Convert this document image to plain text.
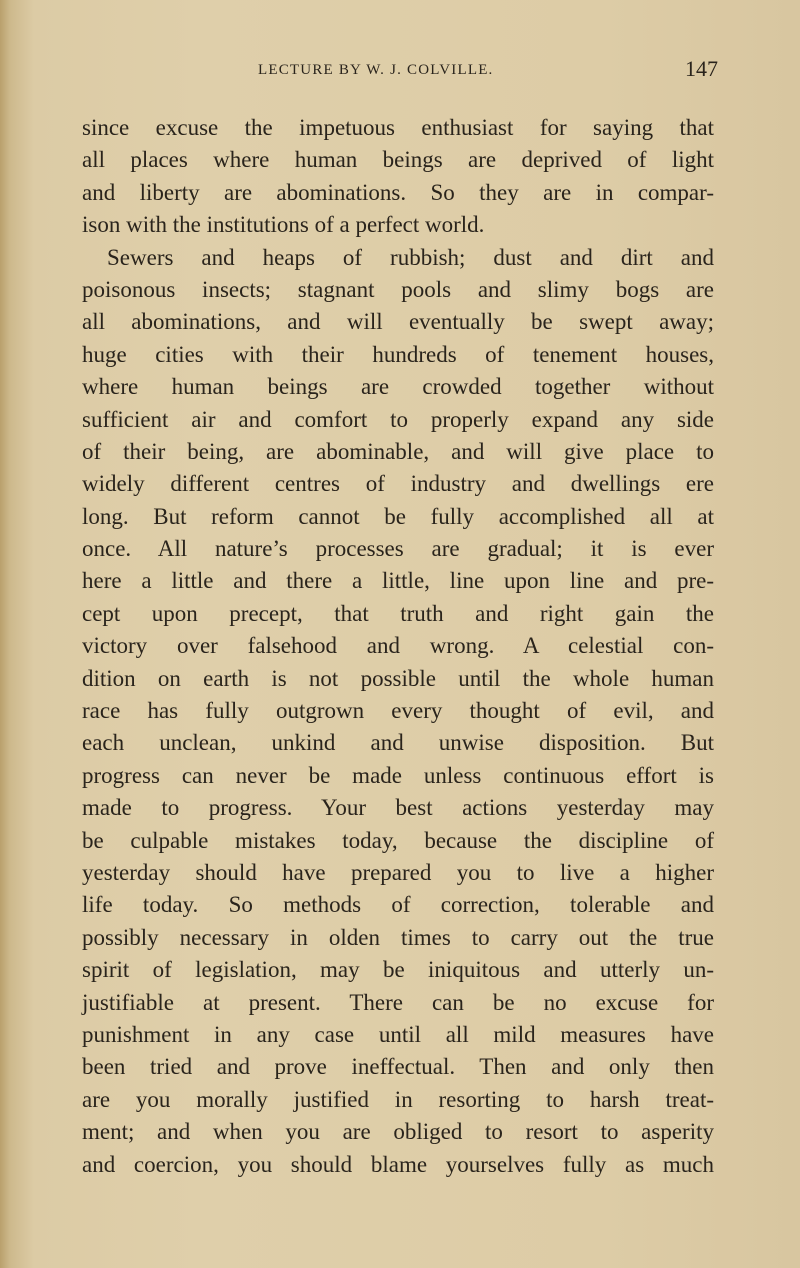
LECTURE BY W. J. COLVILLE.	147
since excuse the impetuous enthusiast for saying that
all places where human beings are deprived of light
and liberty are abominations. So they are in compar-
ison with the institutions of a perfect world.
Sewers and heaps of rubbish; dust and dirt and
poisonous insects; stagnant pools and slimy bogs are
all abominations, and will eventually be swept away;
huge cities with their hundreds of tenement houses,
where human beings are crowded together without
sufficient air and comfort to properly expand any side
of their being, are abominable, and will give place to
widely different centres of industry and dwellings ere
long. But reform cannot be fully accomplished all at
once. All nature’s processes are gradual; it is ever
here a little and there a little, line upon line and pre-
cept upon precept, that truth and right gain the
victory over falsehood and wrong. A celestial con-
dition on earth is not possible until the whole human
race has fully outgrown every thought of evil, and
each unclean, unkind and unwise disposition. But
progress can never be made unless continuous effort is
made to progress. Your best actions yesterday may
be culpable mistakes today, because the discipline of
yesterday should have prepared you to live a higher
life today. So methods of correction, tolerable and
possibly necessary in olden times to carry out the true
spirit of legislation, may be iniquitous and utterly un-
justifiable at present. There can be no excuse for
punishment in any case until all mild measures have
been tried and prove ineffectual. Then and only then
are you morally justified in resorting to harsh treat-
ment; and when you are obliged to resort to asperity
and coercion, you should blame yourselves fully as much
